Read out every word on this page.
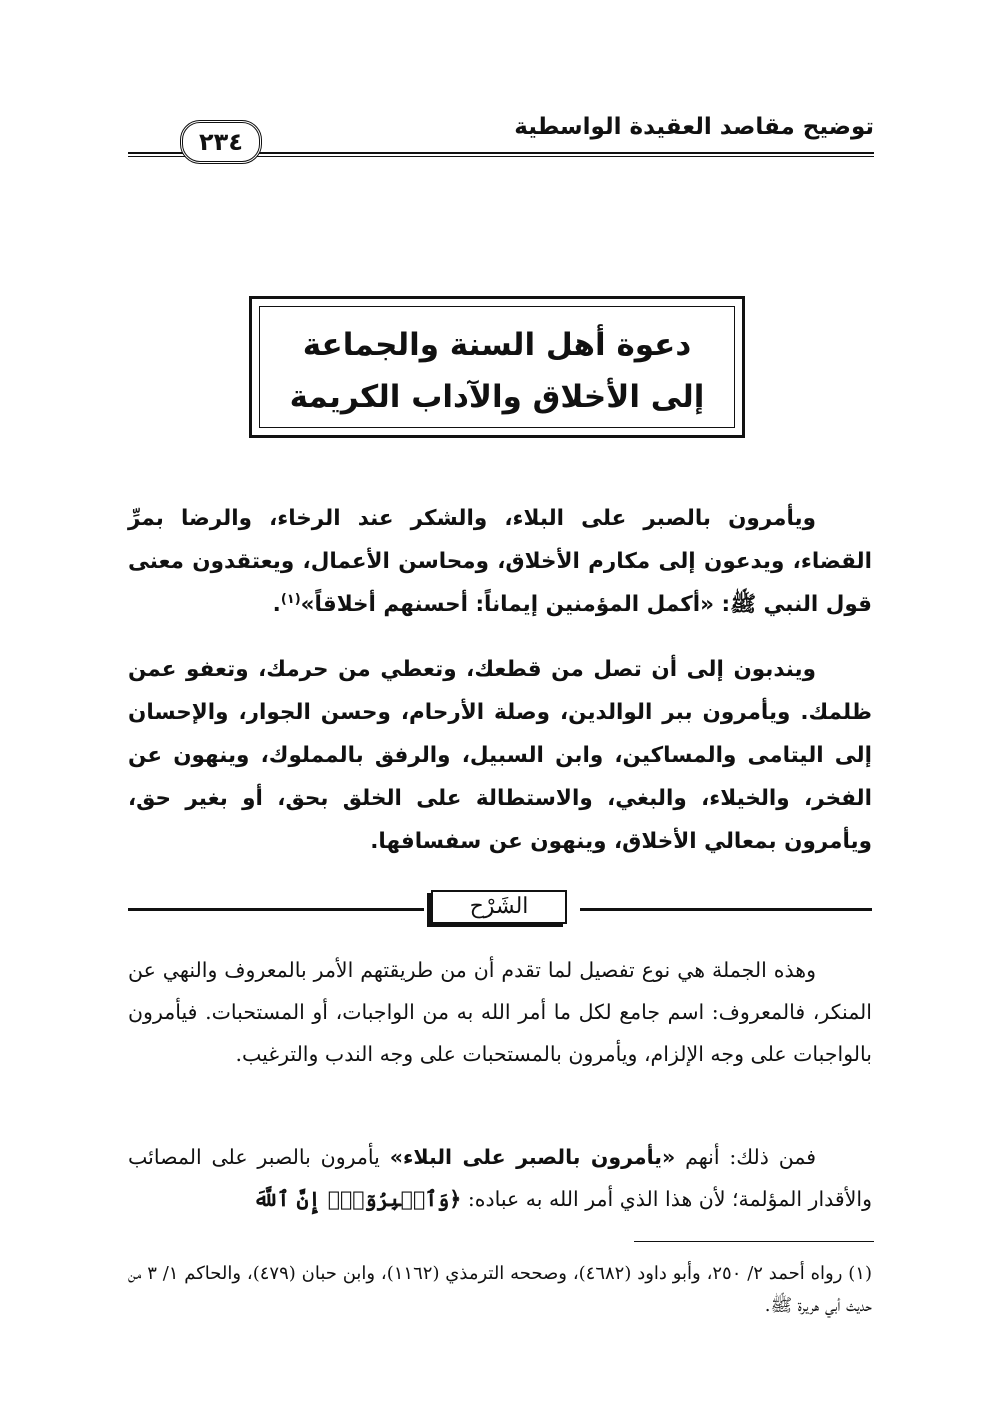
توضيح مقاصد العقيدة الواسطية
٢٣٤
دعوة أهل السنة والجماعة
إلى الأخلاق والآداب الكريمة

ويأمرون بالصبر على البلاء، والشكر عند الرخاء، والرضا بمرِّ القضاء، ويدعون إلى مكارم الأخلاق، ومحاسن الأعمال، ويعتقدون معنى قول النبي ﷺ: «أكمل المؤمنين إيماناً: أحسنهم أخلاقاً»$^{(١)}$.

ويندبون إلى أن تصل من قطعك، وتعطي من حرمك، وتعفو عمن ظلمك. ويأمرون ببر الوالدين، وصلة الأرحام، وحسن الجوار، والإحسان إلى اليتامى والمساكين، وابن السبيل، والرفق بالمملوك، وينهون عن الفخر، والخيلاء، والبغي، والاستطالة على الخلق بحق، أو بغير حق، ويأمرون بمعالي الأخلاق، وينهون عن سفسافها.

الشَرْح

وهذه الجملة هي نوع تفصيل لما تقدم أن من طريقتهم الأمر بالمعروف والنهي عن المنكر، فالمعروف: اسم جامع لكل ما أمر الله به من الواجبات، أو المستحبات. فيأمرون بالواجبات على وجه الإلزام، ويأمرون بالمستحبات على وجه الندب والترغيب.

فمن ذلك: أنهم «يأمرون بالصبر على البلاء» يأمرون بالصبر على المصائب والأقدار المؤلمة؛ لأن هذا الذي أمر الله به عباده: ﴿وَٱصۡبِرُوٓاْۚ إِنَّ ٱللَّهَ

(١) رواه أحمد ٢/ ٢٥٠، وأبو داود (٤٦٨٢)، وصححه الترمذي (١١٦٢)، وابن حبان (٤٧٩)، والحاكم ١/ ٣ من حديث أبي هريرة ﷺ.
